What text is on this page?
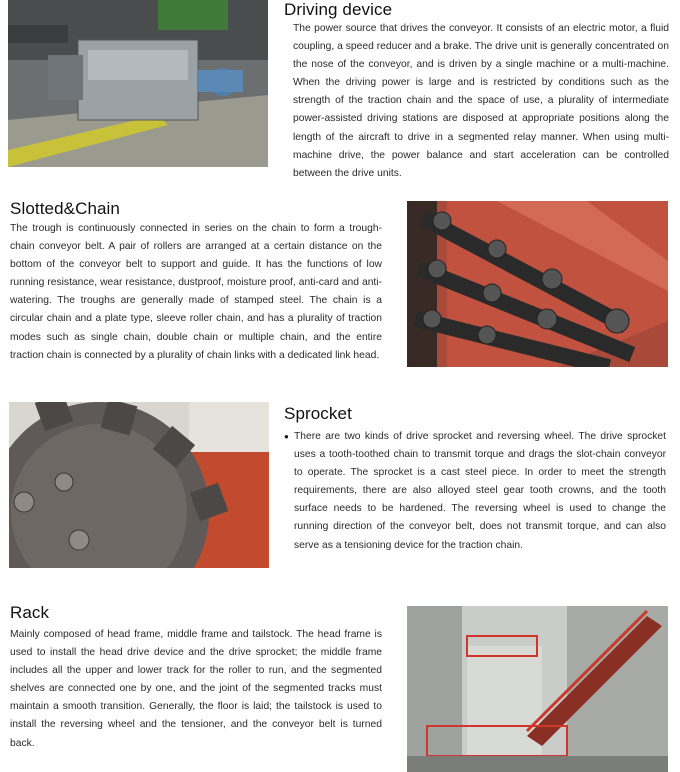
Driving device

The power source that drives the conveyor. It consists of an electric motor, a fluid coupling, a speed reducer and a brake. The drive unit is generally concentrated on the nose of the conveyor, and is driven by a single machine or a multi-machine. When the driving power is large and is restricted by conditions such as the strength of the traction chain and the space of use, a plurality of intermediate power-assisted driving stations are disposed at appropriate positions along the length of the aircraft to drive in a segmented relay manner. When using multi-machine drive, the power balance and start acceleration can be controlled between the drive units.

Slotted&Chain

The trough is continuously connected in series on the chain to form a trough-chain conveyor belt. A pair of rollers are arranged at a certain distance on the bottom of the conveyor belt to support and guide. It has the functions of low running resistance, wear resistance, dustproof, moisture proof, anti-card and anti-watering. The troughs are generally made of stamped steel. The chain is a circular chain and a plate type, sleeve roller chain, and has a plurality of traction modes such as single chain, double chain or multiple chain, and the entire traction chain is connected by a plurality of chain links with a dedicated link head.

Sprocket
● There are two kinds of drive sprocket and reversing wheel. The drive sprocket uses a tooth-toothed chain to transmit torque and drags the slot-chain conveyor to operate. The sprocket is a cast steel piece. In order to meet the strength requirements, there are also alloyed steel gear tooth crowns, and the tooth surface needs to be hardened. The reversing wheel is used to change the running direction of the conveyor belt, does not transmit torque, and can also serve as a tensioning device for the traction chain.
Rack

Mainly composed of head frame, middle frame and tailstock. The head frame is used to install the head drive device and the drive sprocket; the middle frame includes all the upper and lower track for the roller to run, and the segmented shelves are connected one by one, and the joint of the segmented tracks must maintain a smooth transition. Generally, the floor is laid; the tailstock is used to install the reversing wheel and the tensioner, and the conveyor belt is turned back.
